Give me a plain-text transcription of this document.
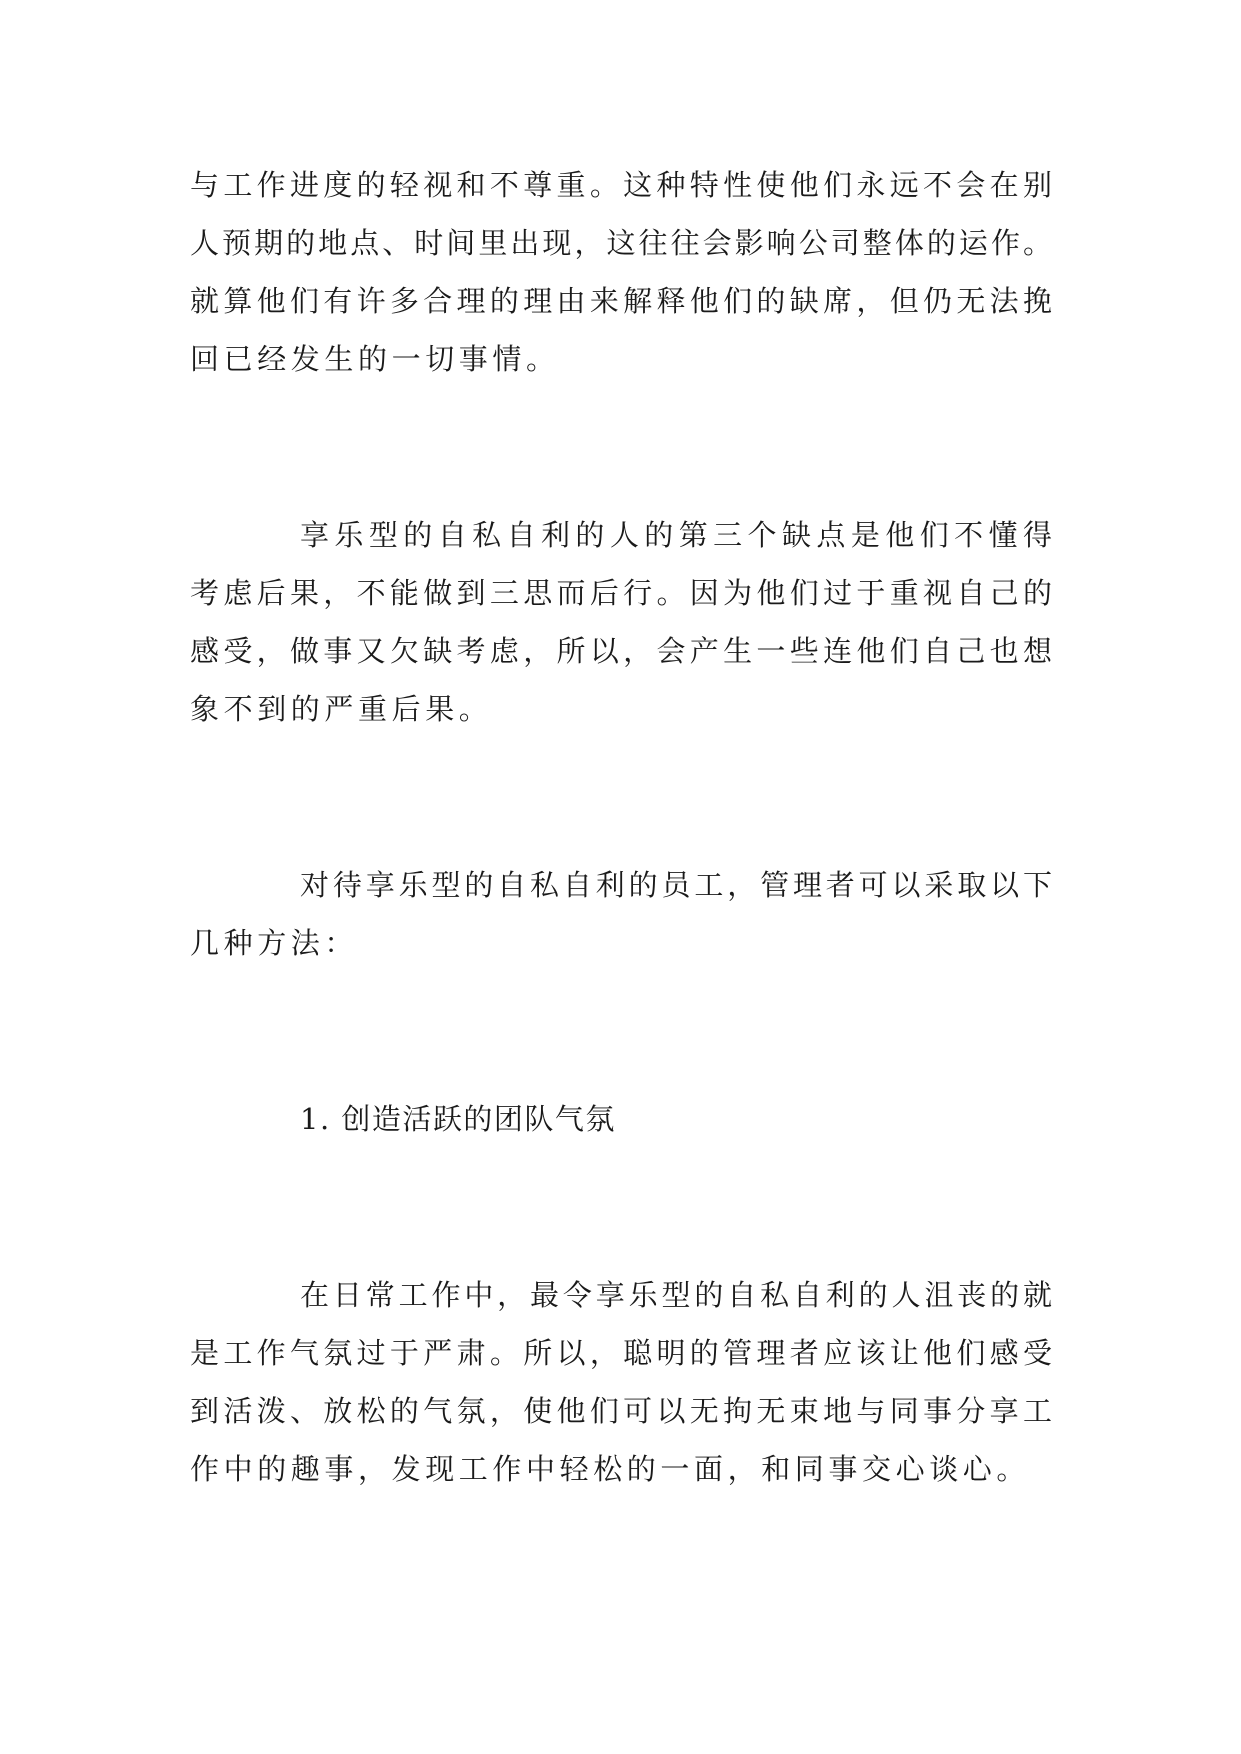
与工作进度的轻视和不尊重。这种特性使他们永远不会在别

人预期的地点、时间里出现，这往往会影响公司整体的运作。

就算他们有许多合理的理由来解释他们的缺席，但仍无法挽

回已经发生的一切事情。

享乐型的自私自利的人的第三个缺点是他们不懂得

考虑后果，不能做到三思而后行。因为他们过于重视自己的

感受，做事又欠缺考虑，所以，会产生一些连他们自己也想

象不到的严重后果。

对待享乐型的自私自利的员工，管理者可以采取以下

几种方法：

1. 创造活跃的团队气氛

在日常工作中，最令享乐型的自私自利的人沮丧的就

是工作气氛过于严肃。所以，聪明的管理者应该让他们感受

到活泼、放松的气氛，使他们可以无拘无束地与同事分享工

作中的趣事，发现工作中轻松的一面，和同事交心谈心。
